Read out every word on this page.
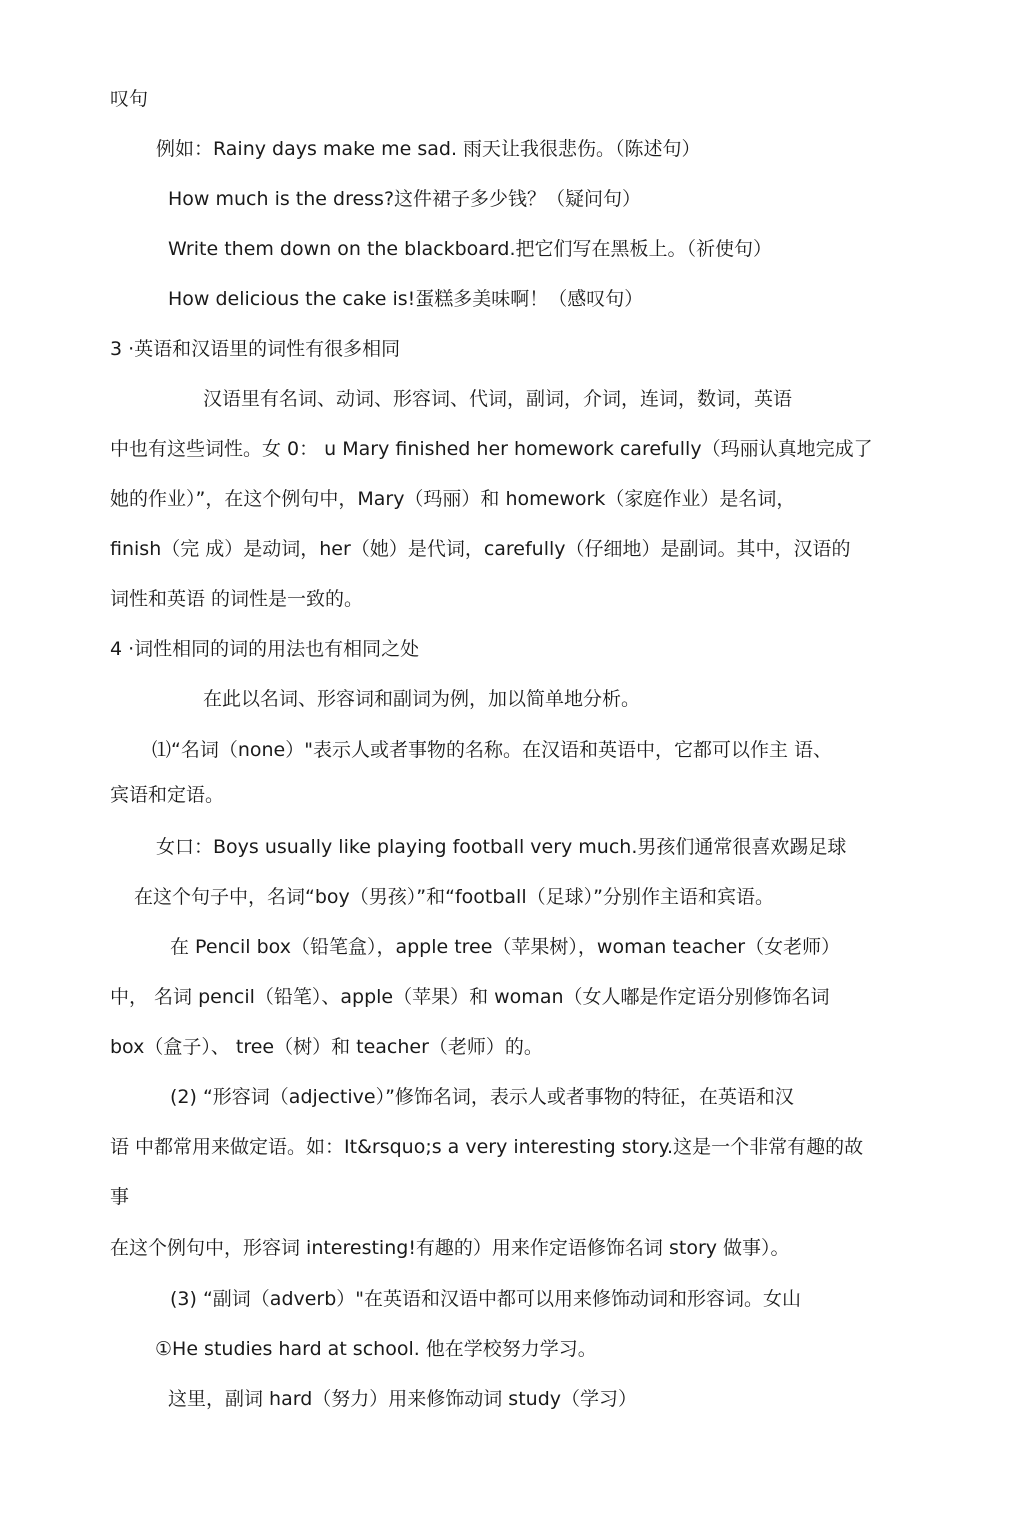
叹句
例如：Rainy days make me sad. 雨天让我很悲伤。（陈述句）
How much is the dress?这件裙子多少钱？（疑问句）
Write them down on the blackboard.把它们写在黑板上。（祈使句）
How delicious the cake is!蛋糕多美味啊！（感叹句）
3 ·英语和汉语里的词性有很多相同
汉语里有名词、动词、形容词、代词，副词，介词，连词，数词，英语
中也有这些词性。女 0： u Mary finished her homework carefully（玛丽认真地完成了
她的作业）”，在这个例句中，Mary（玛丽）和 homework（家庭作业）是名词，
finish（完 成）是动词，her（她）是代词，carefully（仔细地）是副词。其中，汉语的
词性和英语 的词性是一致的。
4 ·词性相同的词的用法也有相同之处
在此以名词、形容词和副词为例，加以简单地分析。
⑴“名词（none）"表示人或者事物的名称。在汉语和英语中，它都可以作主 语、
宾语和定语。
女口：Boys usually like playing football very much.男孩们通常很喜欢踢足球
在这个句子中，名词“boy（男孩）”和“football（足球）”分别作主语和宾语。
在 Pencil box（铅笔盒），apple tree（苹果树），woman teacher（女老师）
中， 名词 pencil（铅笔）、apple（苹果）和 woman（女人嘟是作定语分别修饰名词
box（盒子）、 tree（树）和 teacher（老师）的。
(2) “形容词（adjective）”修饰名词，表示人或者事物的特征，在英语和汉
语 中都常用来做定语。如：It&rsquo;s a very interesting story.这是一个非常有趣的故
事
在这个例句中，形容词 interesting!有趣的）用来作定语修饰名词 story 做事）。
(3) “副词（adverb）"在英语和汉语中都可以用来修饰动词和形容词。女山
①He studies hard at school. 他在学校努力学习。
这里，副词 hard（努力）用来修饰动词 study（学习）
